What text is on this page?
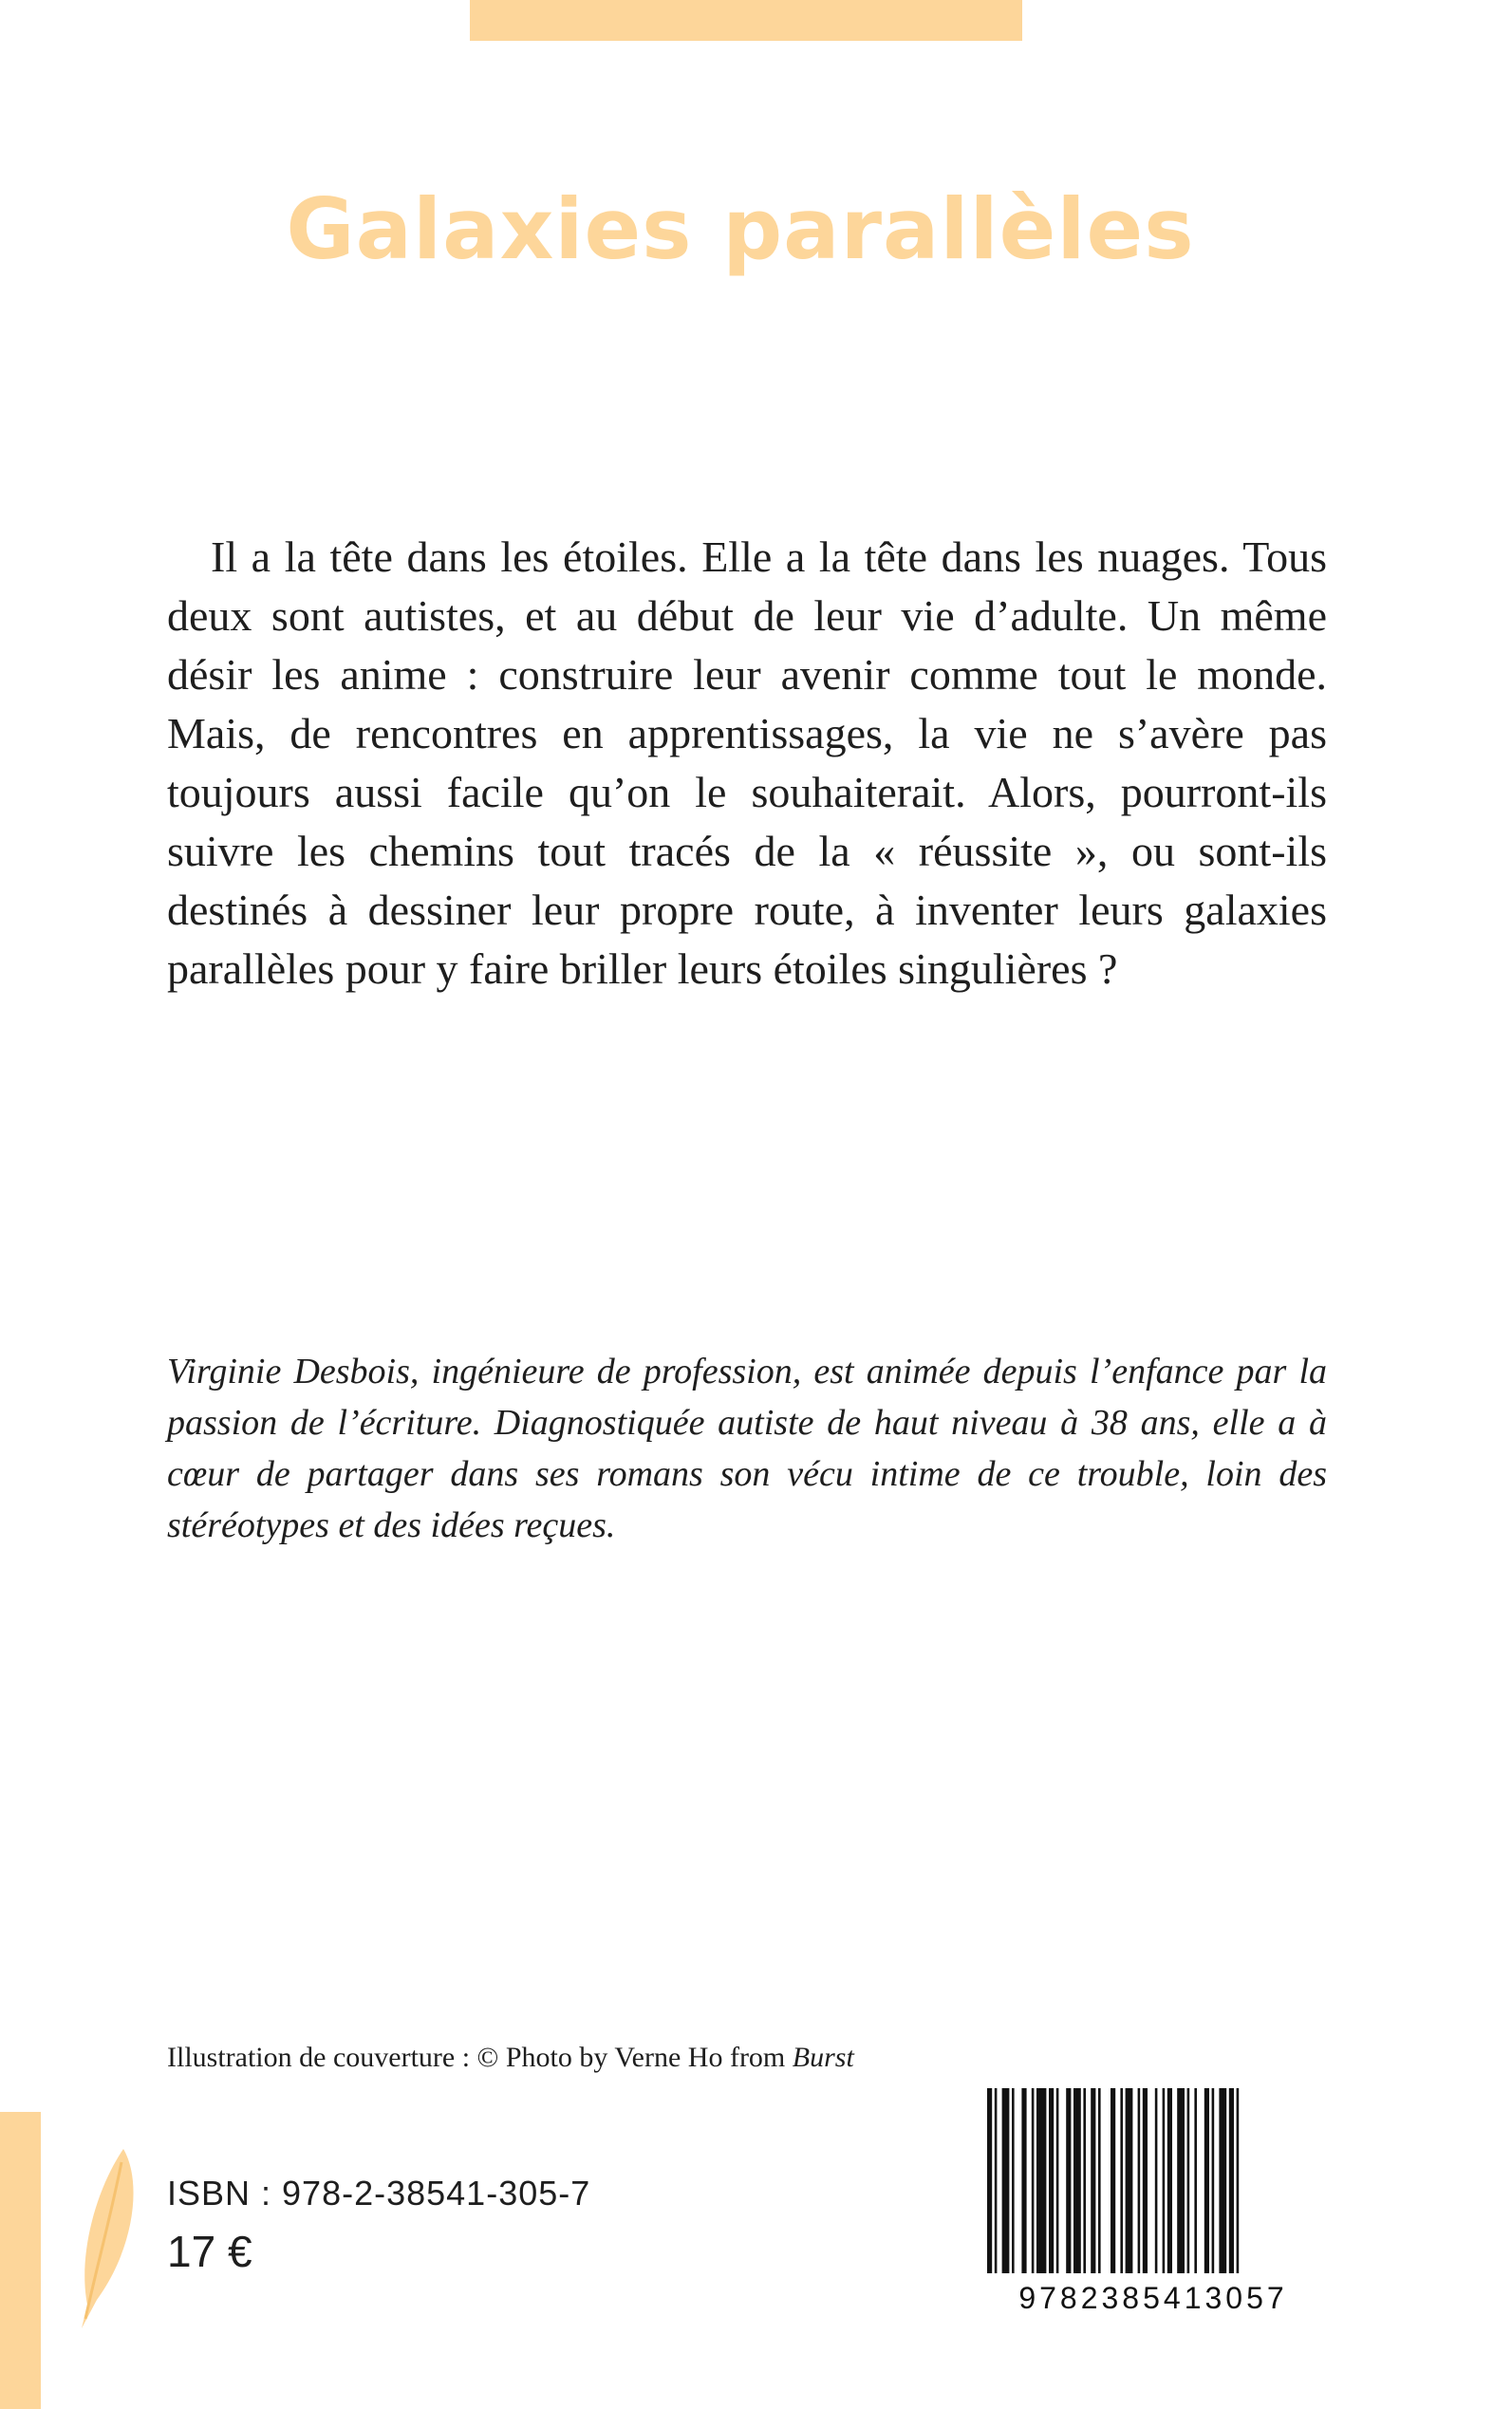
Galaxies parallèles

Il a la tête dans les étoiles. Elle a la tête dans les nuages. Tous deux sont autistes, et au début de leur vie d’adulte. Un même désir les anime : construire leur avenir comme tout le monde. Mais, de rencontres en apprentissages, la vie ne s’avère pas toujours aussi facile qu’on le souhaiterait. Alors, pourront-ils suivre les chemins tout tracés de la « réussite », ou sont-ils destinés à dessiner leur propre route, à inventer leurs galaxies parallèles pour y faire briller leurs étoiles singulières ?

Virginie Desbois, ingénieure de profession, est animée depuis l’enfance par la passion de l’écriture. Diagnostiquée autiste de haut niveau à 38 ans, elle a à cœur de partager dans ses romans son vécu intime de ce trouble, loin des stéréotypes et des idées reçues.

Illustration de couverture : © Photo by Verne Ho from Burst
ISBN : 978-2-38541-305-7
17 €
9782385413057
